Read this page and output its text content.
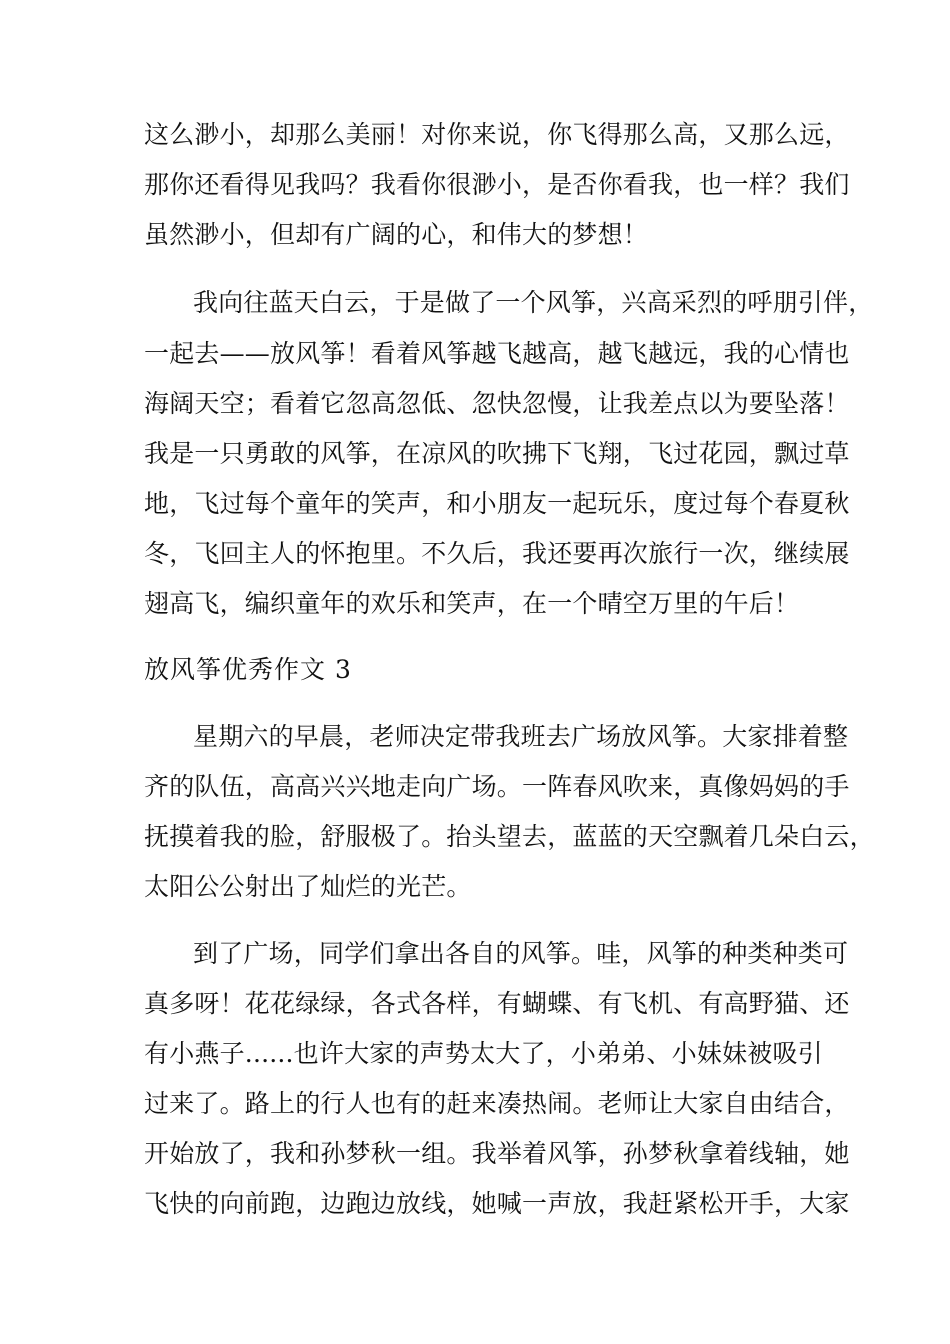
这么渺小，却那么美丽！对你来说，你飞得那么高，又那么远，
那你还看得见我吗？我看你很渺小，是否你看我，也一样？我们
虽然渺小，但却有广阔的心，和伟大的梦想！
我向往蓝天白云，于是做了一个风筝，兴高采烈的呼朋引伴，
一起去——放风筝！看着风筝越飞越高，越飞越远，我的心情也
海阔天空；看着它忽高忽低、忽快忽慢，让我差点以为要坠落！
我是一只勇敢的风筝，在凉风的吹拂下飞翔，飞过花园，飘过草
地，飞过每个童年的笑声，和小朋友一起玩乐，度过每个春夏秋
冬，飞回主人的怀抱里。不久后，我还要再次旅行一次，继续展
翅高飞，编织童年的欢乐和笑声，在一个晴空万里的午后！
放风筝优秀作文 3
星期六的早晨，老师决定带我班去广场放风筝。大家排着整
齐的队伍，高高兴兴地走向广场。一阵春风吹来，真像妈妈的手
抚摸着我的脸，舒服极了。抬头望去，蓝蓝的天空飘着几朵白云，
太阳公公射出了灿烂的光芒。
到了广场，同学们拿出各自的风筝。哇，风筝的种类种类可
真多呀！花花绿绿，各式各样，有蝴蝶、有飞机、有高野猫、还
有小燕子......也许大家的声势太大了，小弟弟、小妹妹被吸引
过来了。路上的行人也有的赶来凑热闹。老师让大家自由结合，
开始放了，我和孙梦秋一组。我举着风筝，孙梦秋拿着线轴，她
飞快的向前跑，边跑边放线，她喊一声放，我赶紧松开手，大家
